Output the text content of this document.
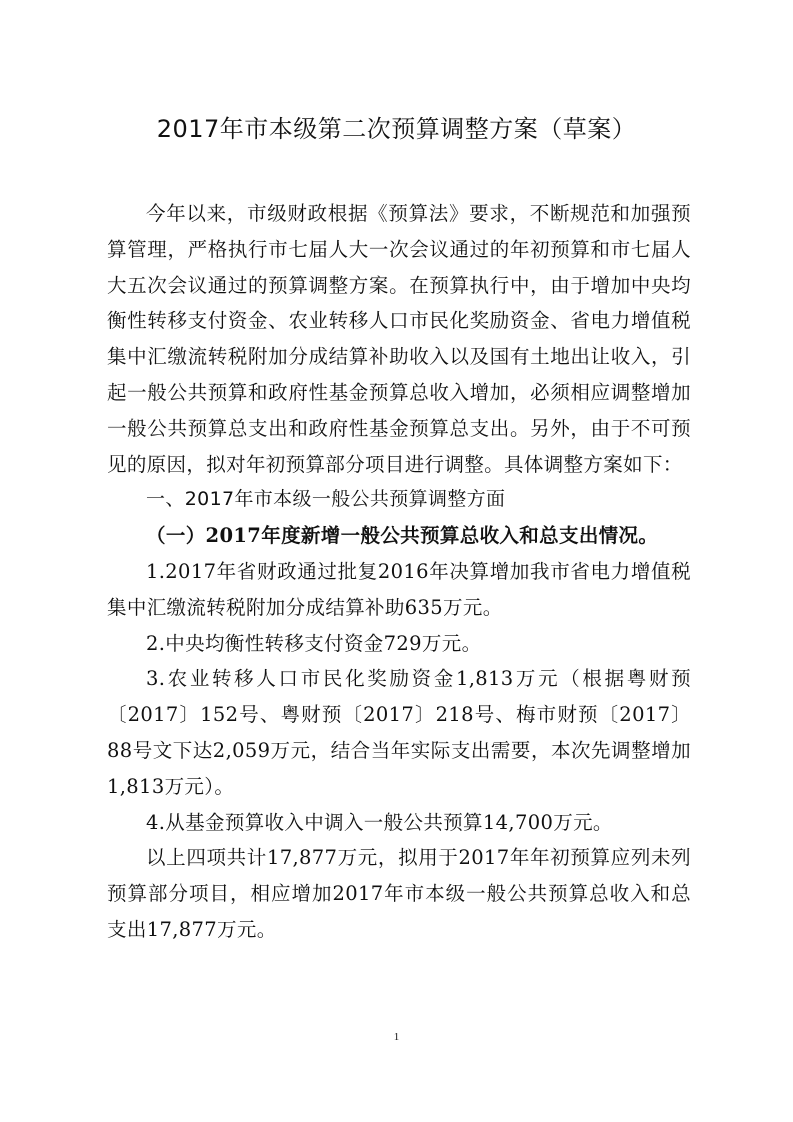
2017年市本级第二次预算调整方案（草案）

今年以来，市级财政根据《预算法》要求，不断规范和加强预算管理，严格执行市七届人大一次会议通过的年初预算和市七届人大五次会议通过的预算调整方案。在预算执行中，由于增加中央均衡性转移支付资金、农业转移人口市民化奖励资金、省电力增值税集中汇缴流转税附加分成结算补助收入以及国有土地出让收入，引起一般公共预算和政府性基金预算总收入增加，必须相应调整增加一般公共预算总支出和政府性基金预算总支出。另外，由于不可预见的原因，拟对年初预算部分项目进行调整。具体调整方案如下：

一、2017年市本级一般公共预算调整方面

（一）2017年度新增一般公共预算总收入和总支出情况。

1.2017年省财政通过批复2016年决算增加我市省电力增值税集中汇缴流转税附加分成结算补助635万元。

2.中央均衡性转移支付资金729万元。

3.农业转移人口市民化奖励资金1,813万元（根据粤财预〔2017〕152号、粤财预〔2017〕218号、梅市财预〔2017〕88号文下达2,059万元，结合当年实际支出需要，本次先调整增加1,813万元）。

4.从基金预算收入中调入一般公共预算14,700万元。

以上四项共计17,877万元，拟用于2017年年初预算应列未列预算部分项目，相应增加2017年市本级一般公共预算总收入和总支出17,877万元。

1
